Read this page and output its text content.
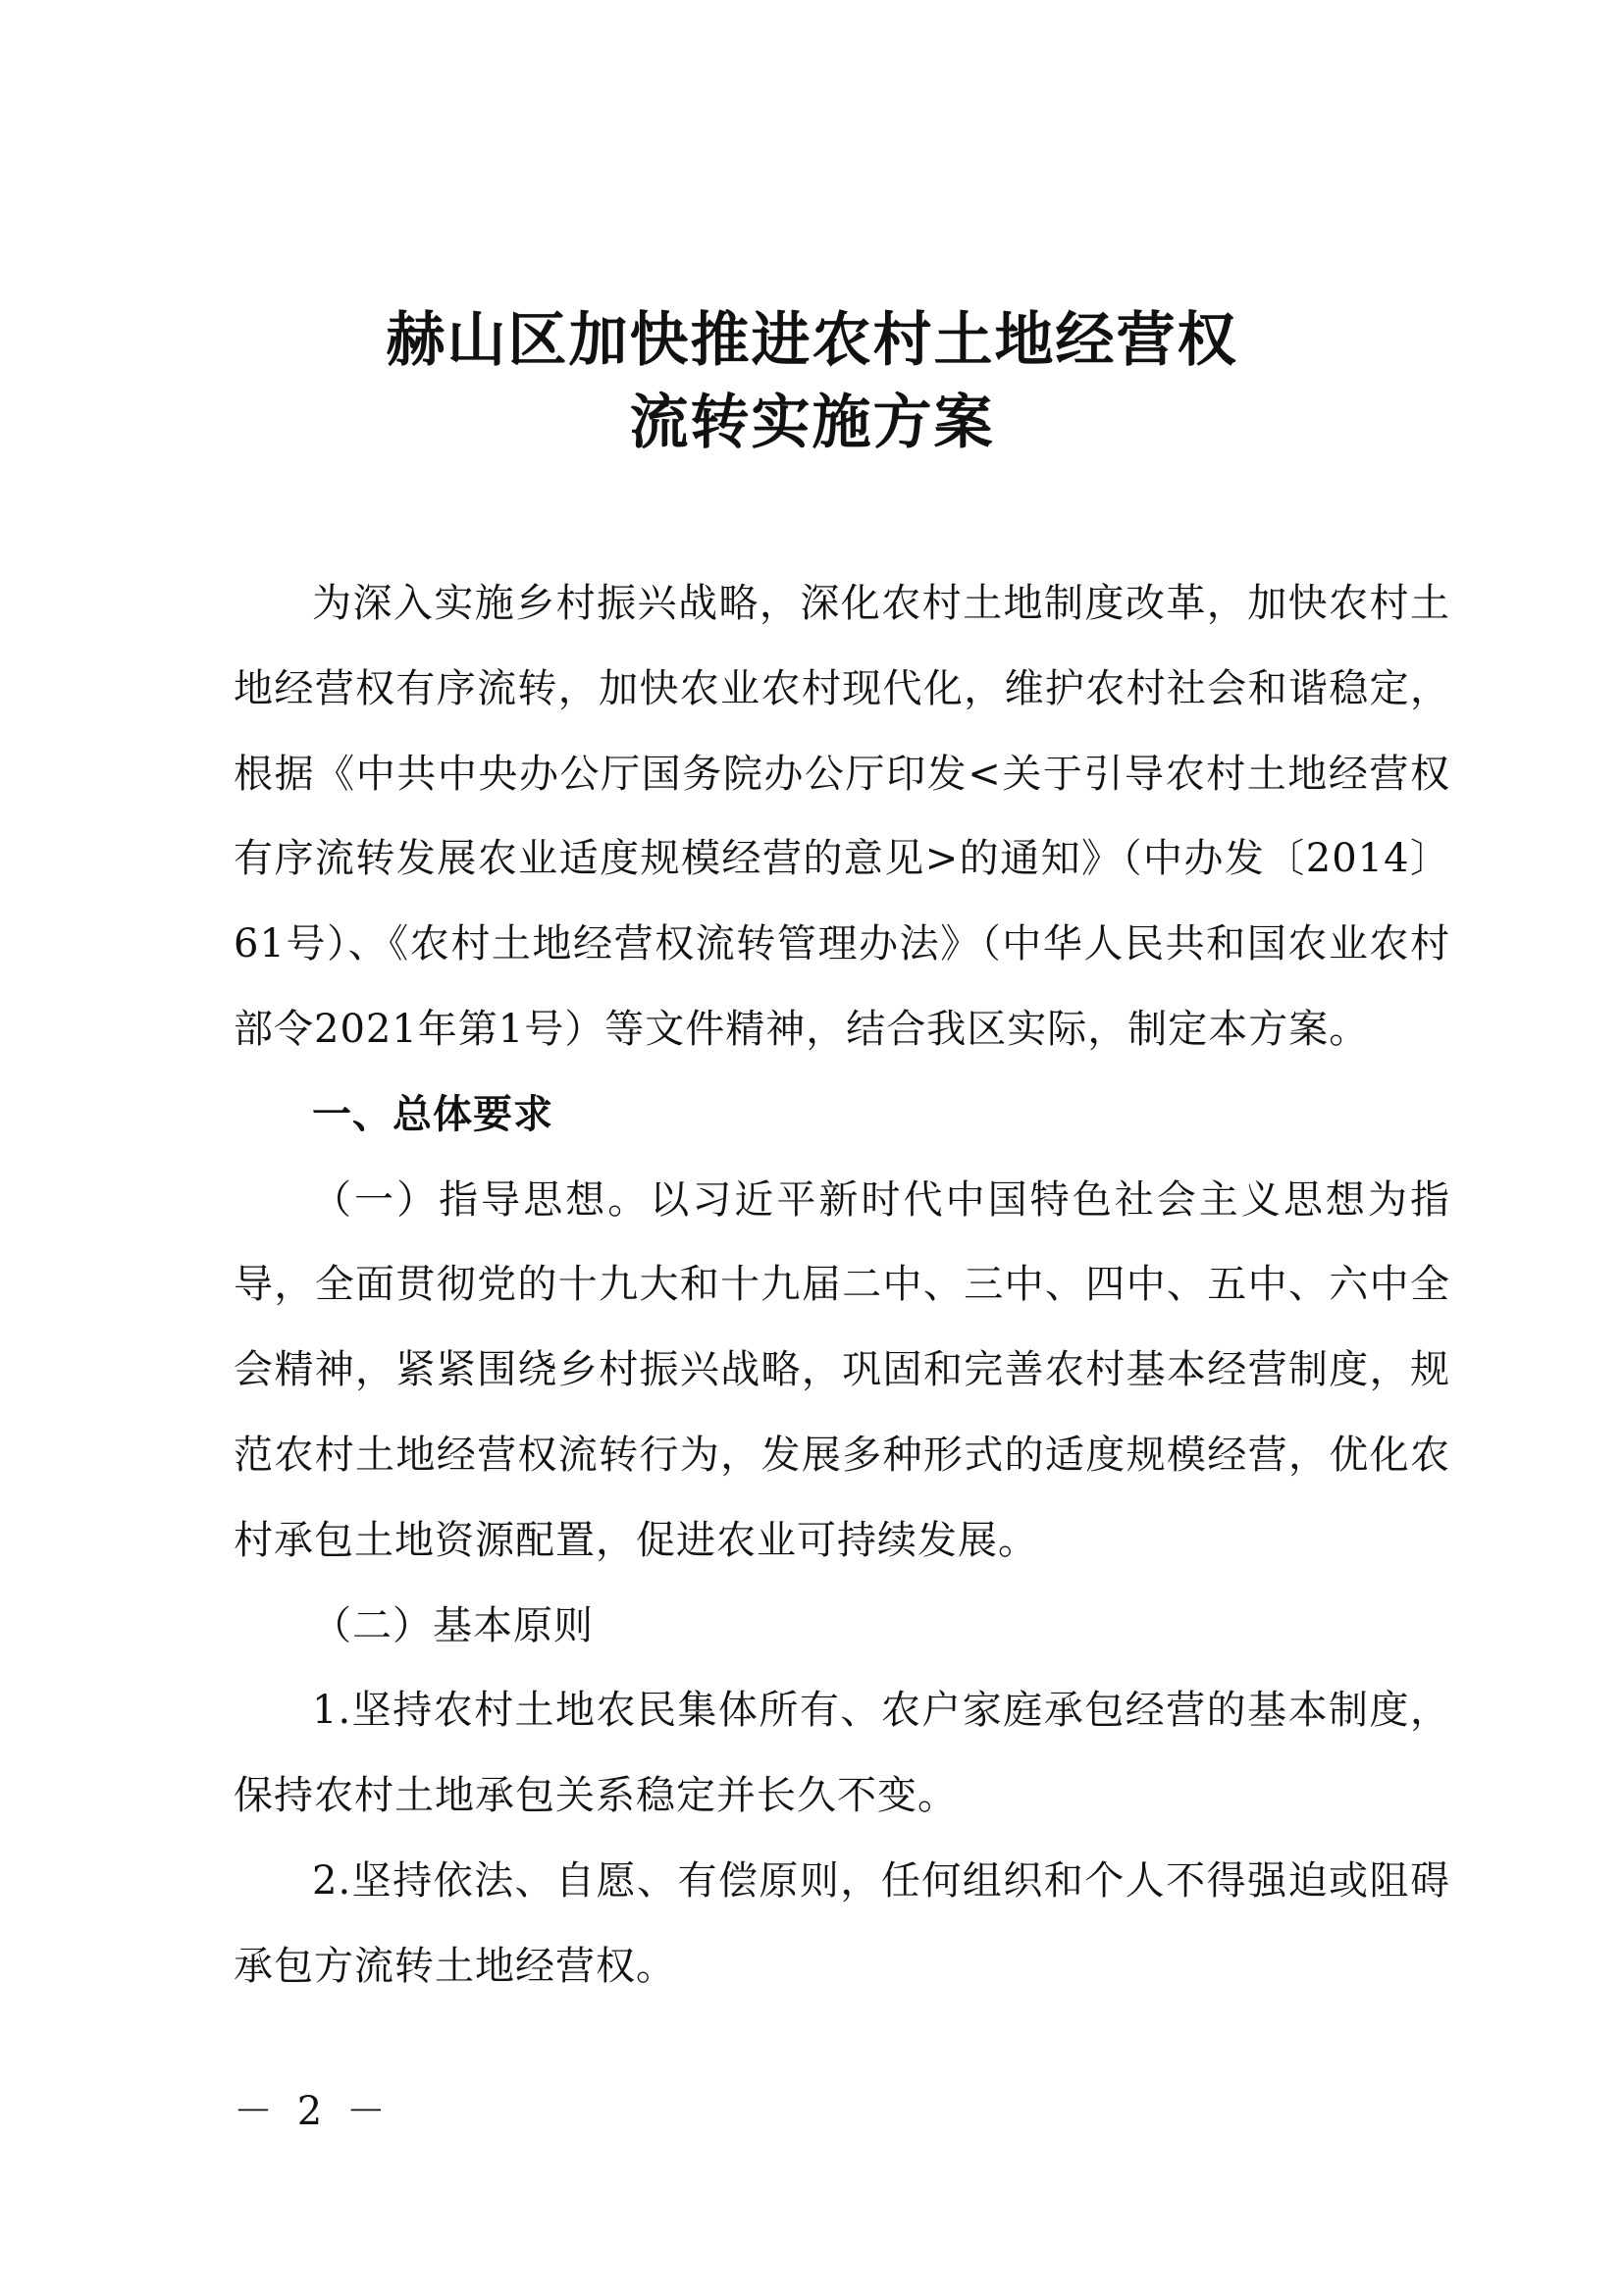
赫山区加快推进农村土地经营权
流转实施方案

为深入实施乡村振兴战略，深化农村土地制度改革，加快农村土地经营权有序流转，加快农业农村现代化，维护农村社会和谐稳定，根据《中共中央办公厅国务院办公厅印发<关于引导农村土地经营权有序流转发展农业适度规模经营的意见>的通知》（中办发〔2014〕61号）、《农村土地经营权流转管理办法》（中华人民共和国农业农村部令2021年第1号）等文件精神，结合我区实际，制定本方案。

一、总体要求

（一）指导思想。以习近平新时代中国特色社会主义思想为指导，全面贯彻党的十九大和十九届二中、三中、四中、五中、六中全会精神，紧紧围绕乡村振兴战略，巩固和完善农村基本经营制度，规范农村土地经营权流转行为，发展多种形式的适度规模经营，优化农村承包土地资源配置，促进农业可持续发展。

（二）基本原则

1.坚持农村土地农民集体所有、农户家庭承包经营的基本制度，保持农村土地承包关系稳定并长久不变。

2.坚持依法、自愿、有偿原则，任何组织和个人不得强迫或阻碍承包方流转土地经营权。

－ 2 －
